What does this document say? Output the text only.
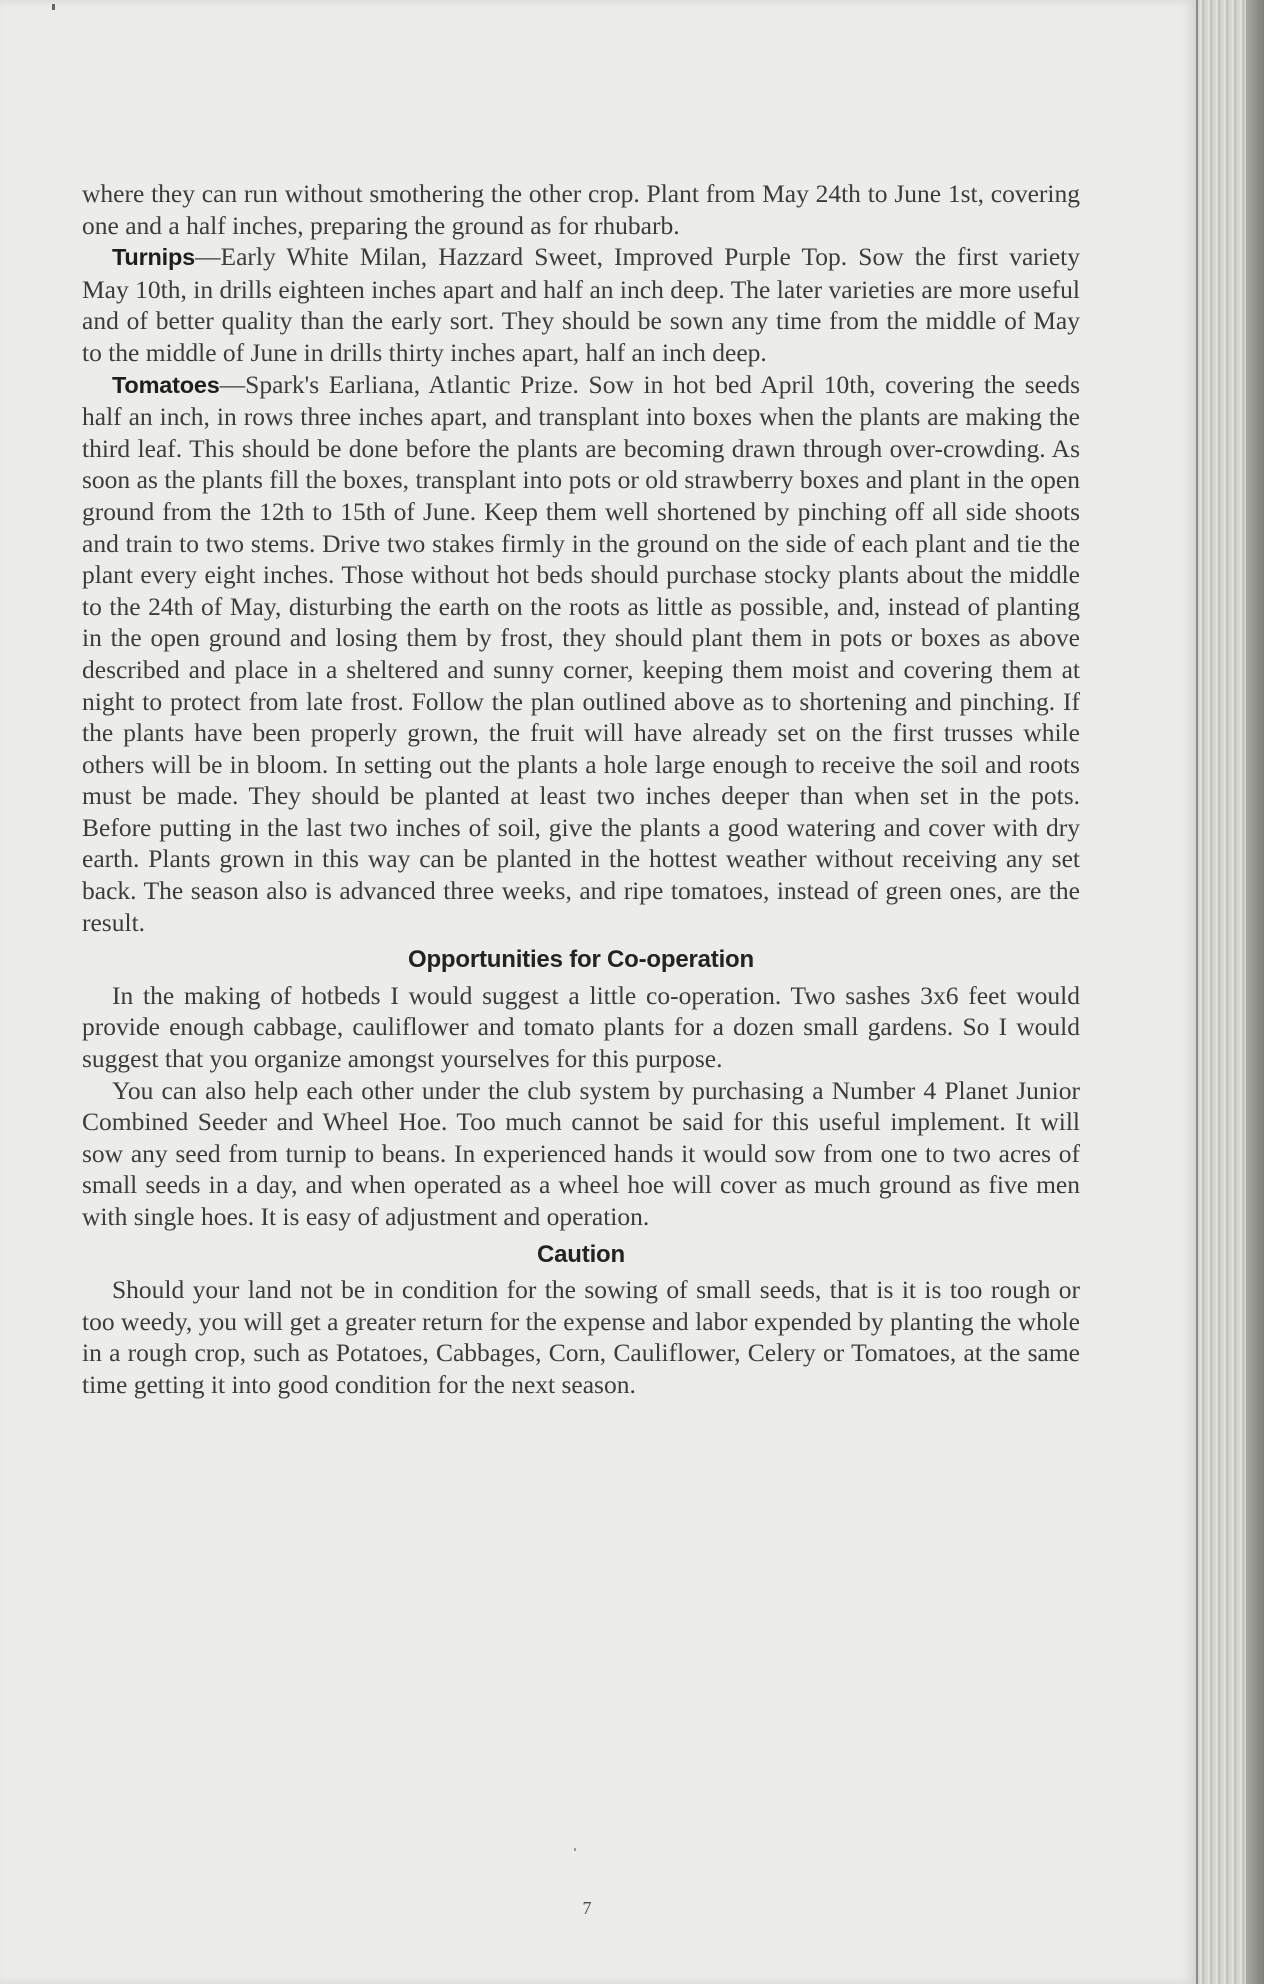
where they can run without smothering the other crop. Plant from May 24th to June 1st, covering one and a half inches, preparing the ground as for rhubarb.

Turnips—Early White Milan, Hazzard Sweet, Improved Purple Top. Sow the first variety May 10th, in drills eighteen inches apart and half an inch deep. The later varieties are more useful and of better quality than the early sort. They should be sown any time from the middle of May to the middle of June in drills thirty inches apart, half an inch deep.

Tomatoes—Spark's Earliana, Atlantic Prize. Sow in hot bed April 10th, covering the seeds half an inch, in rows three inches apart, and transplant into boxes when the plants are making the third leaf. This should be done before the plants are becoming drawn through over-crowding. As soon as the plants fill the boxes, transplant into pots or old strawberry boxes and plant in the open ground from the 12th to 15th of June. Keep them well shortened by pinching off all side shoots and train to two stems. Drive two stakes firmly in the ground on the side of each plant and tie the plant every eight inches. Those without hot beds should purchase stocky plants about the middle to the 24th of May, disturbing the earth on the roots as little as possible, and, instead of planting in the open ground and losing them by frost, they should plant them in pots or boxes as above described and place in a sheltered and sunny corner, keeping them moist and covering them at night to protect from late frost. Follow the plan outlined above as to shortening and pinching. If the plants have been properly grown, the fruit will have already set on the first trusses while others will be in bloom. In setting out the plants a hole large enough to receive the soil and roots must be made. They should be planted at least two inches deeper than when set in the pots. Before putting in the last two inches of soil, give the plants a good watering and cover with dry earth. Plants grown in this way can be planted in the hottest weather without receiving any set back. The season also is advanced three weeks, and ripe tomatoes, instead of green ones, are the result.

Opportunities for Co-operation

In the making of hotbeds I would suggest a little co-operation. Two sashes 3x6 feet would provide enough cabbage, cauliflower and tomato plants for a dozen small gardens. So I would suggest that you organize amongst yourselves for this purpose.

You can also help each other under the club system by purchasing a Number 4 Planet Junior Combined Seeder and Wheel Hoe. Too much cannot be said for this useful implement. It will sow any seed from turnip to beans. In experienced hands it would sow from one to two acres of small seeds in a day, and when operated as a wheel hoe will cover as much ground as five men with single hoes. It is easy of adjustment and operation.

Caution

Should your land not be in condition for the sowing of small seeds, that is it is too rough or too weedy, you will get a greater return for the expense and labor expended by planting the whole in a rough crop, such as Potatoes, Cabbages, Corn, Cauliflower, Celery or Tomatoes, at the same time getting it into good condition for the next season.

7
